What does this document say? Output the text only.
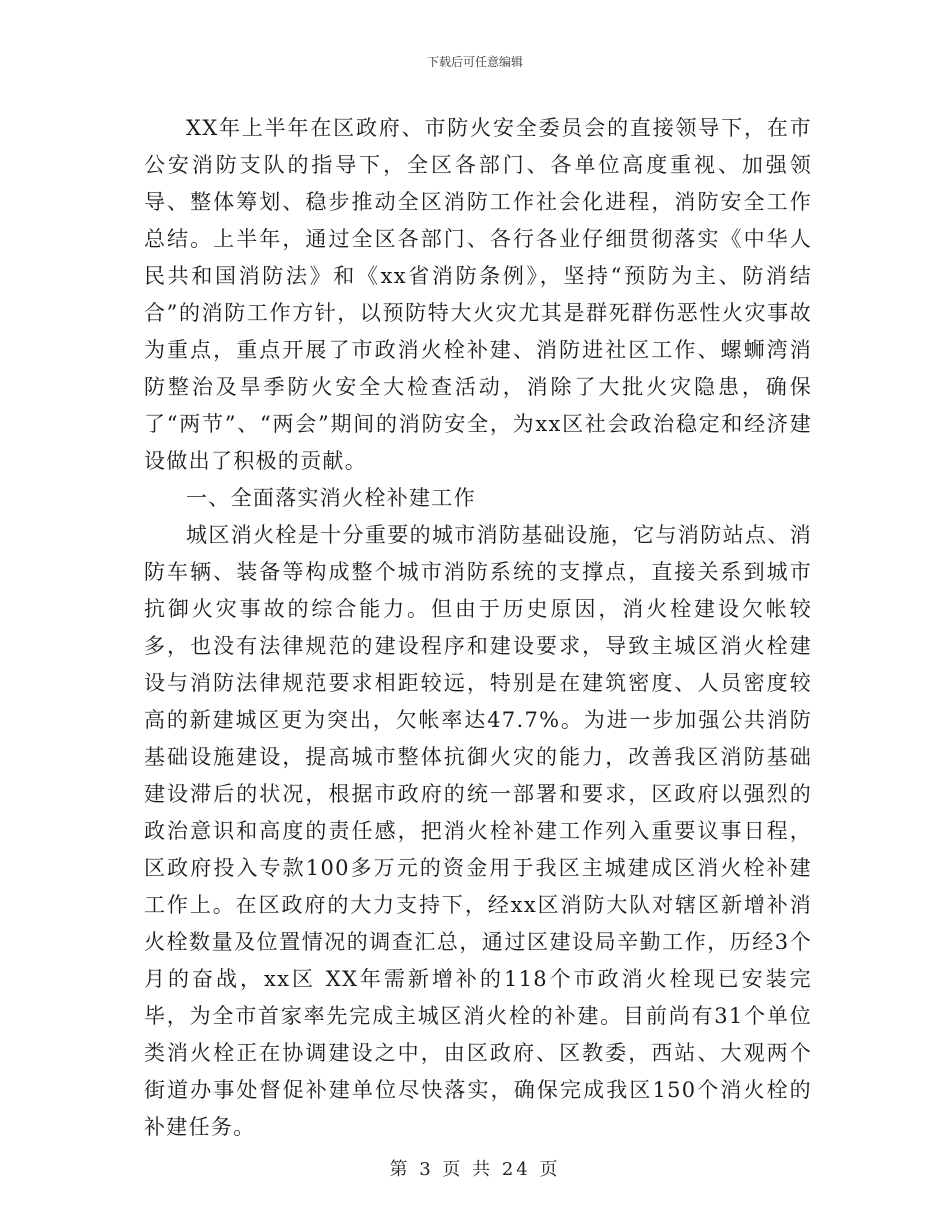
下载后可任意编辑

XX年上半年在区政府、市防火安全委员会的直接领导下，在市公安消防支队的指导下，全区各部门、各单位高度重视、加强领导、整体筹划、稳步推动全区消防工作社会化进程，消防安全工作总结。上半年，通过全区各部门、各行各业仔细贯彻落实《中华人民共和国消防法》和《xx省消防条例》，坚持“预防为主、防消结合”的消防工作方针，以预防特大火灾尤其是群死群伤恶性火灾事故为重点，重点开展了市政消火栓补建、消防进社区工作、螺蛳湾消防整治及旱季防火安全大检查活动，消除了大批火灾隐患，确保了“两节”、“两会”期间的消防安全，为xx区社会政治稳定和经济建设做出了积极的贡献。

一、全面落实消火栓补建工作

城区消火栓是十分重要的城市消防基础设施，它与消防站点、消防车辆、装备等构成整个城市消防系统的支撑点，直接关系到城市抗御火灾事故的综合能力。但由于历史原因，消火栓建设欠帐较多，也没有法律规范的建设程序和建设要求，导致主城区消火栓建设与消防法律规范要求相距较远，特别是在建筑密度、人员密度较高的新建城区更为突出，欠帐率达47.7%。为进一步加强公共消防基础设施建设，提高城市整体抗御火灾的能力，改善我区消防基础建设滞后的状况，根据市政府的统一部署和要求，区政府以强烈的政治意识和高度的责任感，把消火栓补建工作列入重要议事日程，区政府投入专款100多万元的资金用于我区主城建成区消火栓补建工作上。在区政府的大力支持下，经xx区消防大队对辖区新增补消火栓数量及位置情况的调查汇总，通过区建设局辛勤工作，历经3个月的奋战，xx区 XX年需新增补的118个市政消火栓现已安装完毕，为全市首家率先完成主城区消火栓的补建。目前尚有31个单位类消火栓正在协调建设之中，由区政府、区教委，西站、大观两个街道办事处督促补建单位尽快落实，确保完成我区150个消火栓的补建任务。

第 3 页 共 24 页
